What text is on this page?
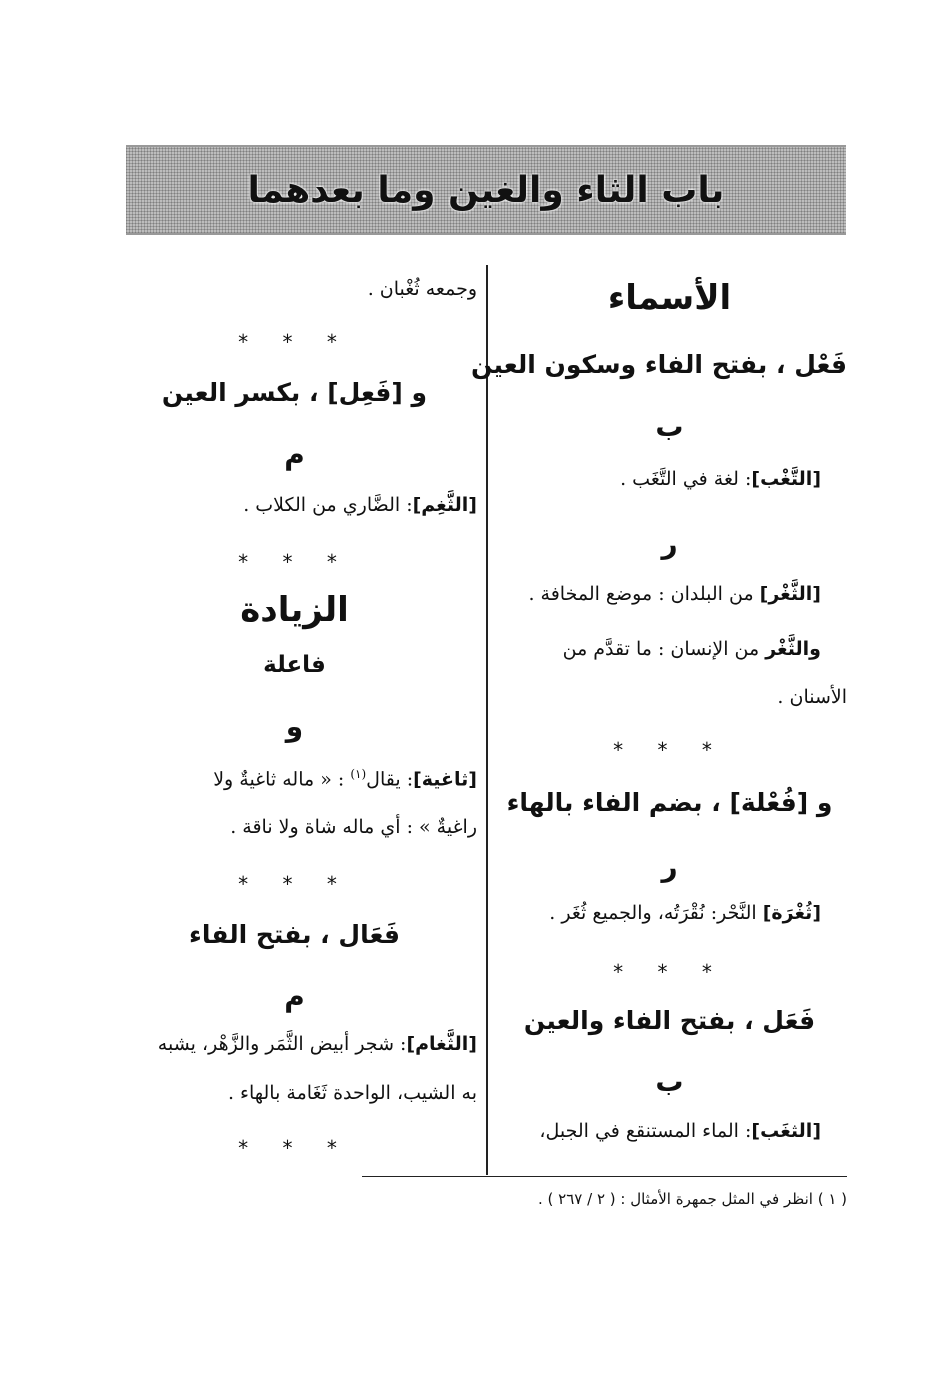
باب الثاء والغين وما بعدهما
الأسماء
فَعْل ، بفتح الفاء وسكون العين
ب
[التَّغْب]: لغة في التَّغَب .
ر
[الثَّغْر] من البلدان : موضع المخافة .
والثَّغْر من الإنسان : ما تقدَّم من
الأسنان .
* * *
و [فُعْلة] ، بضم الفاء بالهاء
ر
[ثُغْرَة] النَّحْر: نُقْرَتُه، والجميع ثُغَر .
* * *
فَعَل ، بفتح الفاء والعين
ب
[الثغَب]: الماء المستنقع في الجبل،
وجمعه ثُغْبان .
* * *
و [فَعِل] ، بكسر العين
م
[الثَّغِم]: الضَّاري من الكلاب .
* * *
الزيادة
فاعلة
و
[ثاغية]: يقال$^{(١)}$ : « ماله ثاغيةٌ ولا
راغيةٌ » : أي ماله شاة ولا ناقة .
* * *
فَعَال ، بفتح الفاء
م
[الثَّغام]: شجر أبيض الثَّمَر والزَّهْر، يشبه
به الشيب، الواحدة ثَغَامة بالهاء .
* * *
( ١ ) انظر في المثل جمهرة الأمثال : ( ٢ / ٢٦٧ ) .
